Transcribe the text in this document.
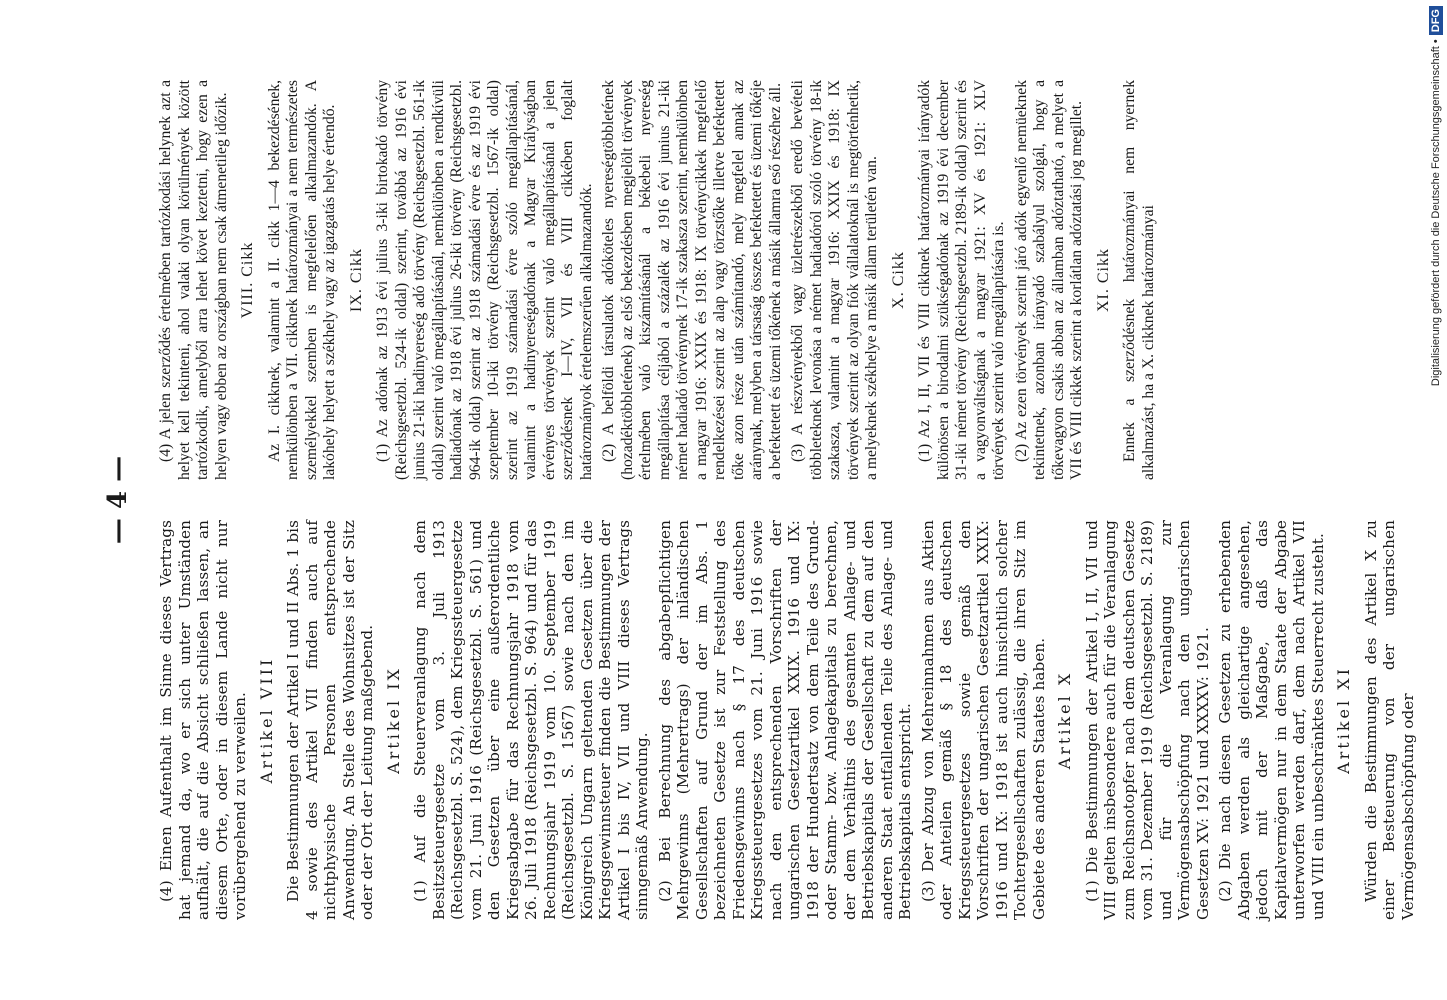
— 4 —

(4) Einen Aufenthalt im Sinne dieses Vertrags hat jemand da, wo er sich unter Umständen aufhält, die auf die Absicht schließen lassen, an diesem Orte, oder in diesem Lande nicht nur vorübergehend zu verweilen. Artikel VIII Die Bestimmungen der Artikel I und II Abs. 1 bis 4 sowie des Artikel VII finden auch auf nichtphysische Personen entsprechende Anwendung. An Stelle des Wohnsitzes ist der Sitz oder der Ort der Leitung maßgebend. Artikel IX (1) Auf die Steuerveranlagung nach dem Besitzsteuergesetze vom 3. Juli 1913 (Reichsgesetzbl. S. 524), dem Kriegssteuergesetze vom 21. Juni 1916 (Reichsgesetzbl. S. 561) und den Gesetzen über eine außerordentliche Kriegsabgabe für das Rechnungsjahr 1918 vom 26. Juli 1918 (Reichsgesetzbl. S. 964) und für das Rechnungsjahr 1919 vom 10. September 1919 (Reichsgesetzbl. S. 1567) sowie nach den im Königreich Ungarn geltenden Gesetzen über die Kriegsgewinnsteuer finden die Bestimmungen der Artikel I bis IV, VII und VIII dieses Vertrags sinngemäß Anwendung. (2) Bei Berechnung des abgabepflichtigen Mehrgewinns (Mehrertrags) der inländischen Gesellschaften auf Grund der im Abs. 1 bezeichneten Gesetze ist zur Feststellung des Friedensgewinns nach § 17 des deutschen Kriegssteuergesetzes vom 21. Juni 1916 sowie nach den entsprechenden Vorschriften der ungarischen Gesetzartikel XXIX. 1916 und IX: 1918 der Hundertsatz von dem Teile des Grund- oder Stamm- bzw. Anlagekapitals zu berechnen, der dem Verhältnis des gesamten Anlage- und Betriebskapitals der Gesellschaft zu dem auf den anderen Staat entfallenden Teile des Anlage- und Betriebskapitals entspricht. (3) Der Abzug von Mehreinnahmen aus Aktien oder Anteilen gemäß § 18 des deutschen Kriegssteuergesetzes sowie gemäß den Vorschriften der ungarischen Gesetzartikel XXIX: 1916 und IX: 1918 ist auch hinsichtlich solcher Tochtergesellschaften zulässig, die ihren Sitz im Gebiete des anderen Staates haben. Artikel X (1) Die Bestimmungen der Artikel I, II, VII und VIII gelten insbesondere auch für die Veranlagung zum Reichsnotopfer nach dem deutschen Gesetze vom 31. Dezember 1919 (Reichsgesetzbl. S. 2189) und für die Veranlagung zur Vermögensabschöpfung nach den ungarischen Gesetzen XV: 1921 und XXXXV: 1921. (2) Die nach diesen Gesetzen zu erhebenden Abgaben werden als gleichartige angesehen, jedoch mit der Maßgabe, daß das Kapitalvermögen nur in dem Staate der Abgabe unterworfen werden darf, dem nach Artikel VII und VIII ein unbeschränktes Steuerrecht zusteht. Artikel XI Würden die Bestimmungen des Artikel X zu einer Besteuerung von der ungarischen Vermögensabschöpfung oder

(4) A jelen szerződés értelmében tartózkodási helynek azt a helyet kell tekinteni, ahol valaki olyan körülmények között tartózkodik, amelyből arra lehet követ keztetni, hogy ezen a helyen vagy ebben az országban nem csak átmenetileg időzik. VIII. Cikk Az I. cikknek, valamint a II. cikk 1—4 bekezdésének, nemkülönben a VII. cikknek határozmányai a nem természetes személyekkel szemben is megfelelően alkalmazandók. A lakóhely helyett a székhely vagy az igazgatás helye értendő. IX. Cikk (1) Az adónak az 1913 évi julius 3-iki birtokadó törvény (Reichsgesetzbl. 524-ik oldal) szerint, továbbá az 1916 évi junius 21-iki hadinyereség adó törvény (Reichsgesetzbl. 561-ik oldal) szerint való megállapításánál, nemkülönben a rendkívüli hadiadónak az 1918 évi julius 26-iki törvény (Reichsgesetzbl. 964-ik oldal) szerint az 1918 számadási évre és az 1919 évi szeptember 10-iki törvény (Reichsgesetzbl. 1567-ik oldal) szerint az 1919 számadási évre szóló megállapításánál, valamint a hadinyereségadónak a Magyar Királyságban érvényes törvények szerint való megállapításánál a jelen szerződésnek I—IV, VII és VIII cikkében foglalt határozmányok értelemszerűen alkalmazandók. (2) A belföldi társulatok adóköteles nyereségtöbbletének (hozadéktöbbletének) az első bekezdésben megjelölt törvények értelmében való kiszámításánál a békebeli nyereség megállapítása céljából a százalék az 1916 évi junius 21-iki német hadiadó törvénynek 17-ik szakasza szerint, nemkülönben a magyar 1916: XXIX és 1918: IX törvénycikkek megfelelő rendelkezései szerint az alap vagy törzstőke illetve befektetett tőke azon része után számítandó, mely megfelel annak az aránynak, melyben a társaság összes befektetett és üzemi tőkéje a befektetett és üzemi tőkének a másik államra eső részéhez áll. (3) A részvényekből vagy üzletrészekből eredő bevételi többleteknek levonása a német hadiadóról szóló törvény 18-ik szakasza, valamint a magyar 1916: XXIX és 1918: IX törvények szerint az olyan fiók vállalatoknál is megtörténhetik, a melyeknek székhelye a másik állam területén van. X. Cikk (1) Az I, II, VII és VIII cikknek határozmányai irányadók különösen a birodalmi szükségadónak az 1919 évi december 31-iki német törvény (Reichsgesetzbl. 2189-ik oldal) szerint és a vagyonváltságnak a magyar 1921: XV és 1921: XLV törvények szerint való megállapítására is. (2) Az ezen törvények szerint járó adók egyenlő nemüeknek tekintetnek, azonban irányadó szabályul szolgál, hogy a tőkevagyon csakis abban az államban adóztatható, a melyet a VII és VIII cikkek szerint a korlátlan adóztatási jog megillet. XI. Cikk Ennek a szerződésnek határozmányai nem nyernek alkalmazást, ha a X. cikknek határozmányai	Digitalisierung gefördert durch die Deutsche Forschungsgemeinschaft •DFG
